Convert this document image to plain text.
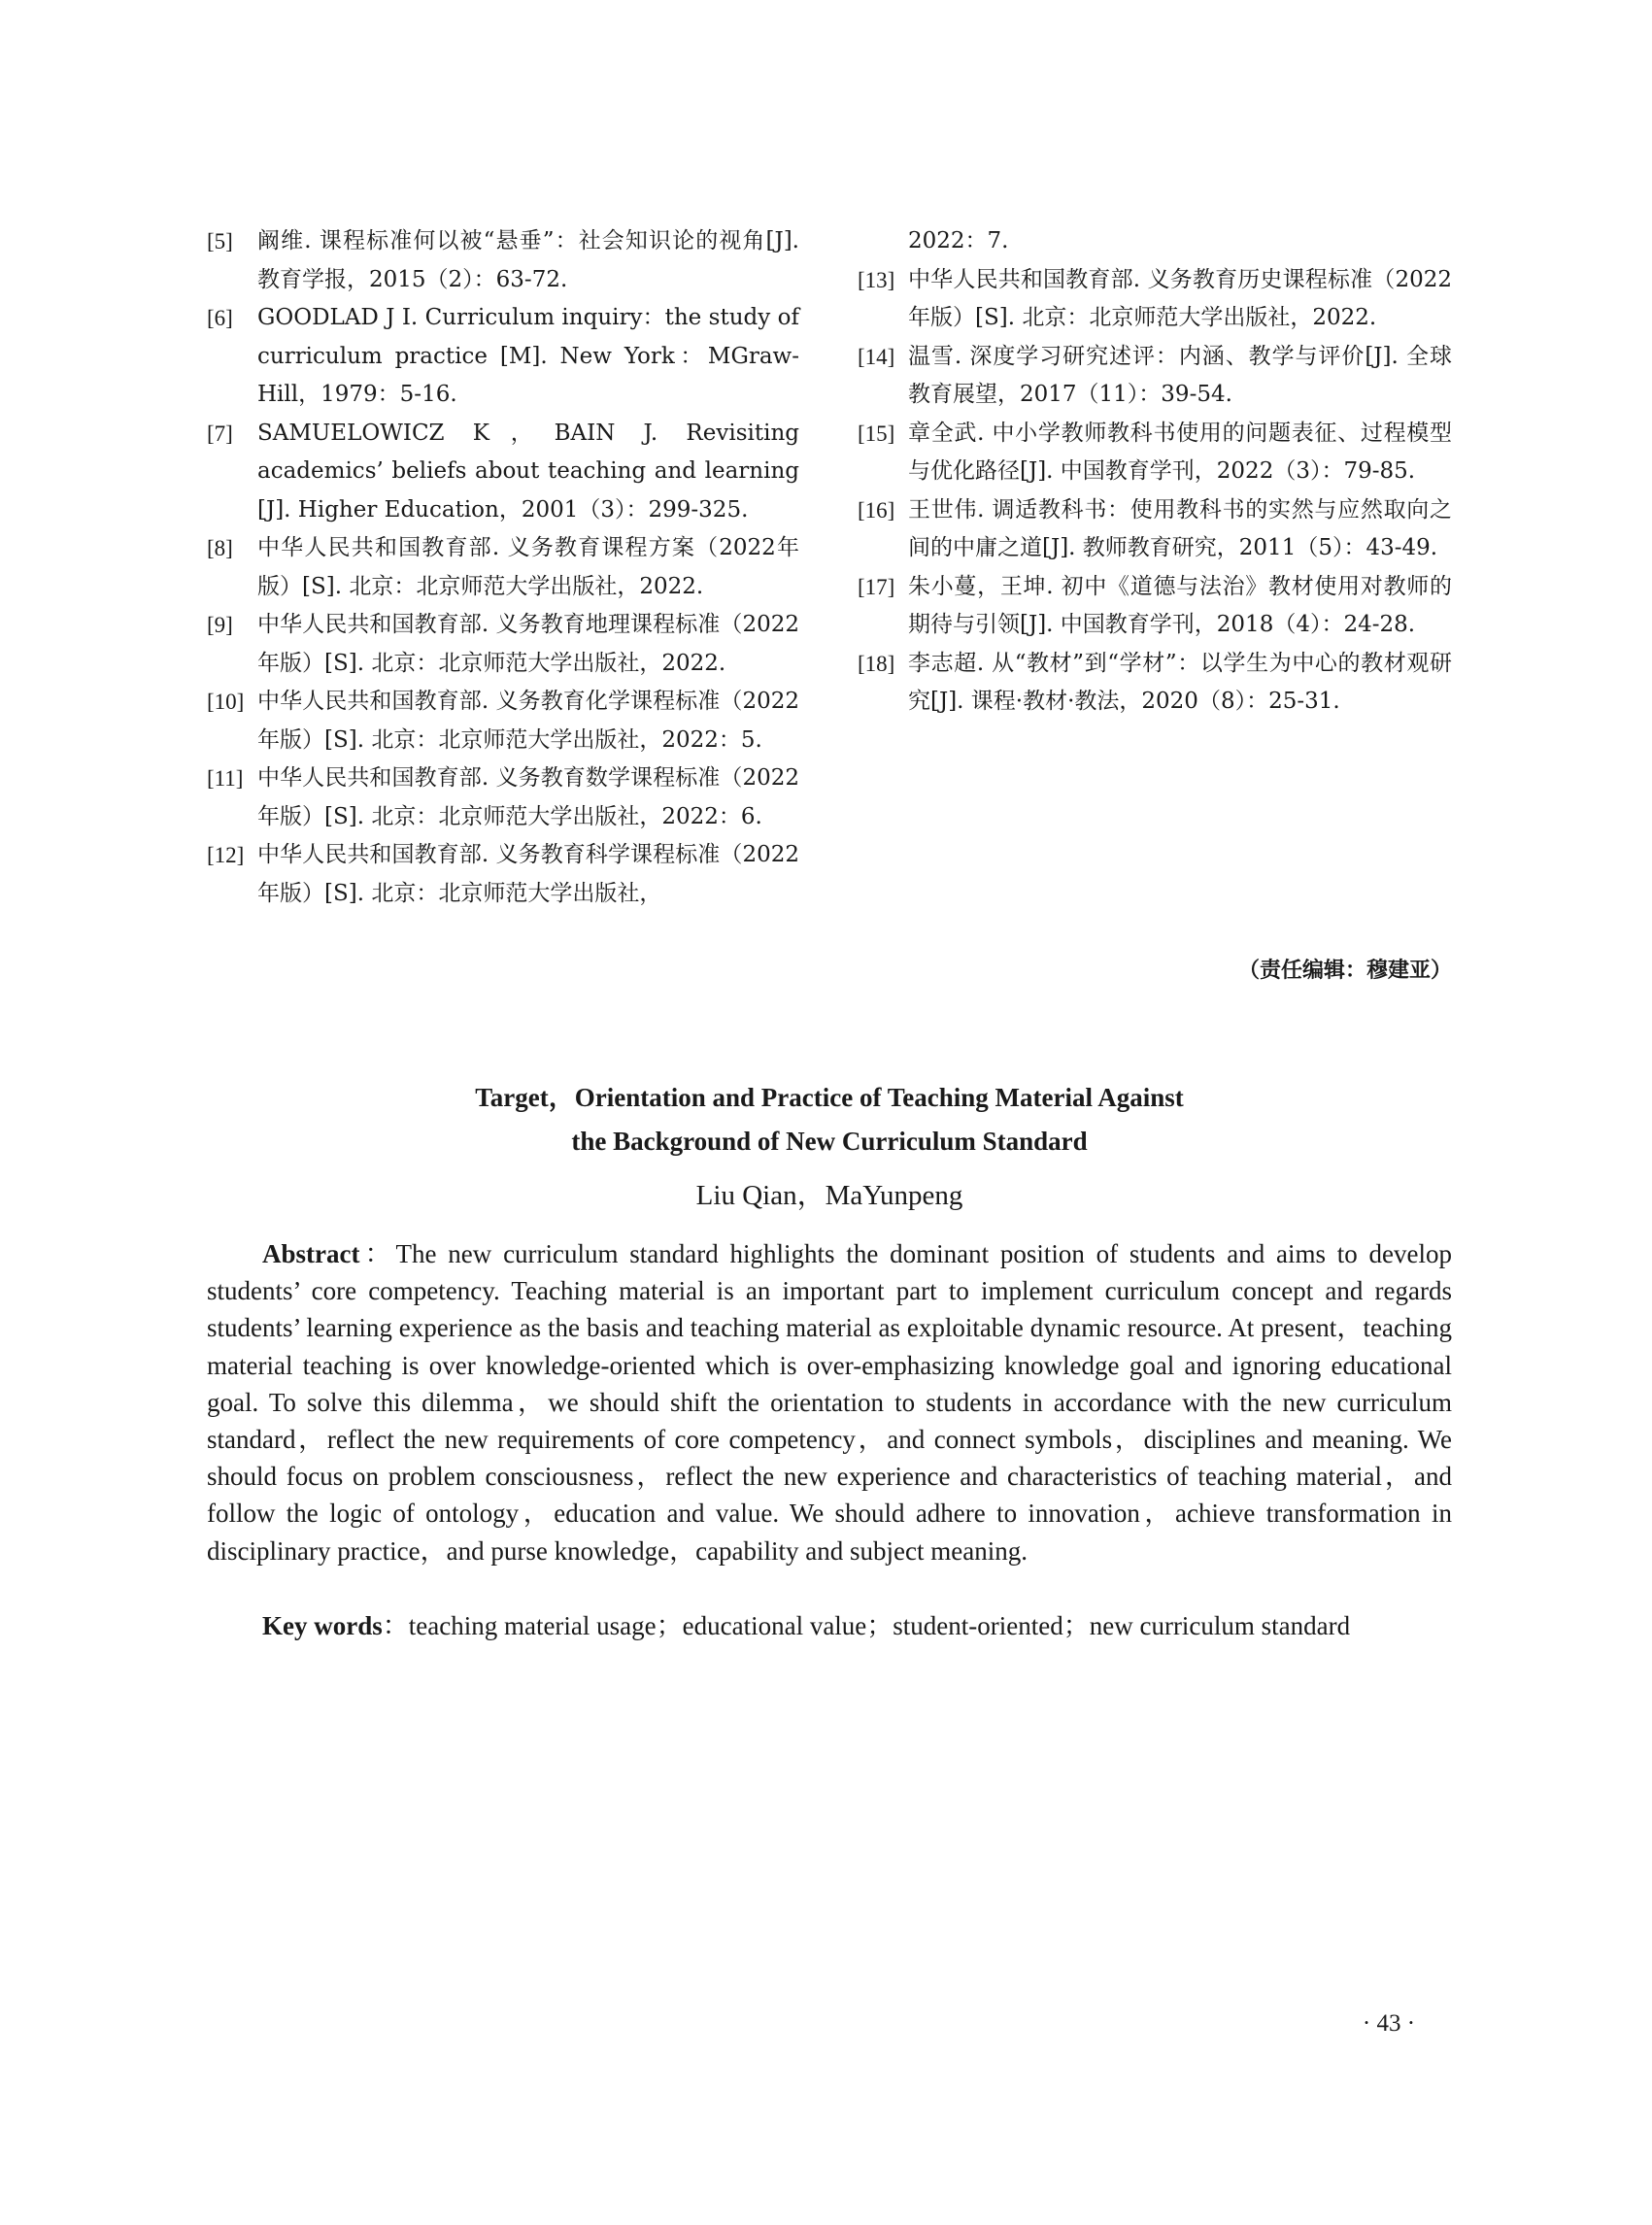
[5] 阚维. 课程标准何以被“悬垂”：社会知识论的视角[J]. 教育学报，2015（2）：63-72.
[6] GOODLAD J I. Curriculum inquiry：the study of curriculum practice [M]. New York：MGraw-Hill，1979：5-16.
[7] SAMUELOWICZ K，BAIN J. Revisiting academics’ beliefs about teaching and learning [J]. Higher Education，2001（3）：299-325.
[8] 中华人民共和国教育部. 义务教育课程方案（2022年版）[S]. 北京：北京师范大学出版社，2022.
[9] 中华人民共和国教育部. 义务教育地理课程标准（2022年版）[S]. 北京：北京师范大学出版社，2022.
[10] 中华人民共和国教育部. 义务教育化学课程标准（2022 年版）[S]. 北京：北京师范大学出版社，2022：5.
[11] 中华人民共和国教育部. 义务教育数学课程标准（2022 年版）[S]. 北京：北京师范大学出版社，2022：6.
[12] 中华人民共和国教育部. 义务教育科学课程标准（2022 年版）[S]. 北京：北京师范大学出版社，
2022：7.
[13] 中华人民共和国教育部. 义务教育历史课程标准（2022 年版）[S]. 北京：北京师范大学出版社，2022.
[14] 温雪. 深度学习研究述评：内涵、教学与评价[J]. 全球教育展望，2017（11）：39-54.
[15] 章全武. 中小学教师教科书使用的问题表征、过程模型与优化路径[J]. 中国教育学刊，2022（3）：79-85.
[16] 王世伟. 调适教科书：使用教科书的实然与应然取向之间的中庸之道[J]. 教师教育研究，2011（5）：43-49.
[17] 朱小蔓，王坤. 初中《道德与法治》教材使用对教师的期待与引领[J]. 中国教育学刊，2018（4）：24-28.
[18] 李志超. 从“教材”到“学材”：以学生为中心的教材观研究[J]. 课程·教材·教法，2020（8）：25-31.
（责任编辑：穆建亚）
Target，Orientation and Practice of Teaching Material Against
the Background of New Curriculum Standard
Liu Qian，MaYunpeng
Abstract：The new curriculum standard highlights the dominant position of students and aims to develop students’ core competency. Teaching material is an important part to implement curriculum concept and regards students’ learning experience as the basis and teaching material as exploitable dynamic resource. At present，teaching material teaching is over knowledge-oriented which is over-emphasizing knowledge goal and ignoring educational goal. To solve this dilemma，we should shift the orientation to students in accordance with the new curriculum standard，reflect the new requirements of core competency，and connect symbols，disciplines and meaning. We should focus on problem consciousness，reflect the new experience and characteristics of teaching material，and follow the logic of ontology，education and value. We should adhere to innovation，achieve transformation in disciplinary practice，and purse knowledge，capability and subject meaning.
Key words：teaching material usage；educational value；student-oriented；new curriculum standard
· 43 ·
